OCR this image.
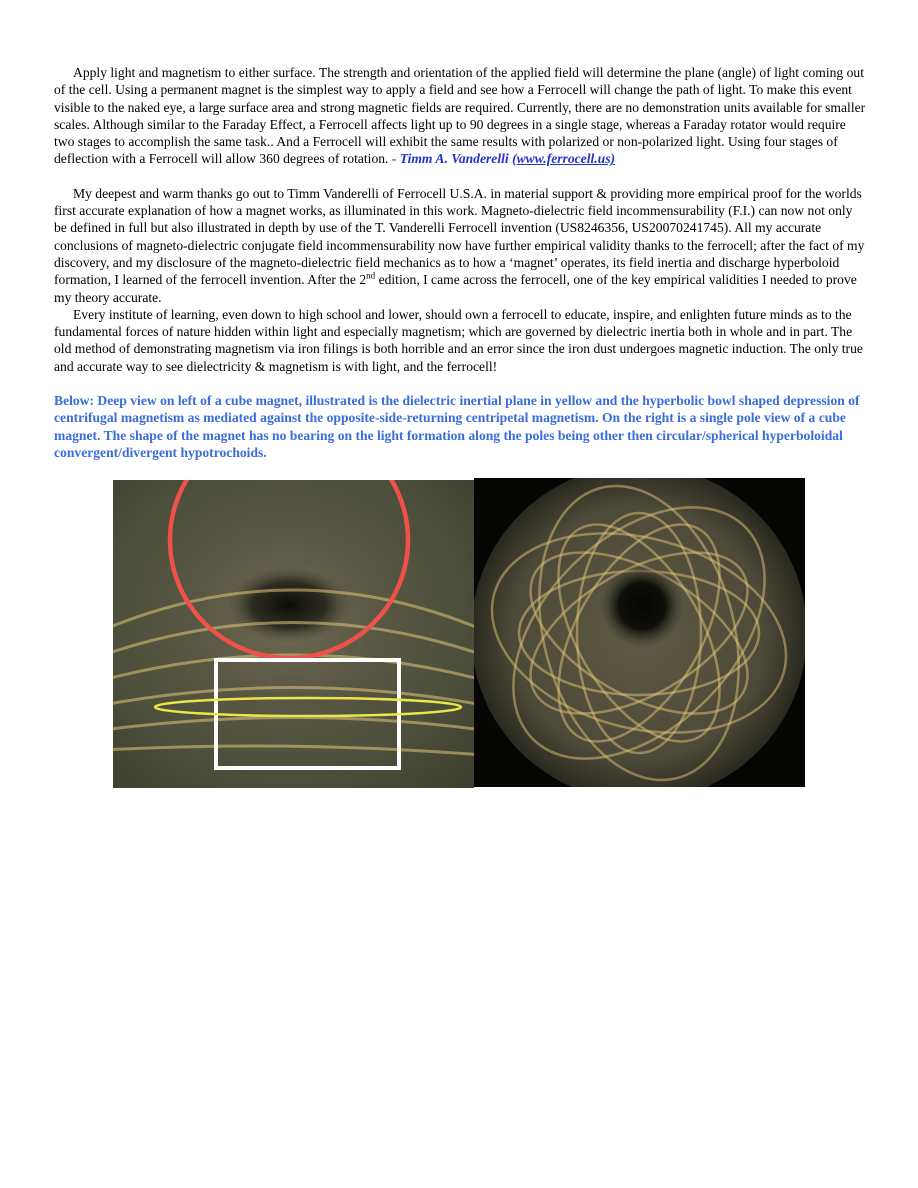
Apply light and magnetism to either surface. The strength and orientation of the applied field will determine the plane (angle) of light coming out of the cell. Using a permanent magnet is the simplest way to apply a field and see how a Ferrocell will change the path of light. To make this event visible to the naked eye, a large surface area and strong magnetic fields are required. Currently, there are no demonstration units available for smaller scales. Although similar to the Faraday Effect, a Ferrocell affects light up to 90 degrees in a single stage, whereas a Faraday rotator would require two stages to accomplish the same task.. And a Ferrocell will exhibit the same results with polarized or non-polarized light. Using four stages of deflection with a Ferrocell will allow 360 degrees of rotation. - Timm A. Vanderelli (www.ferrocell.us)

My deepest and warm thanks go out to Timm Vanderelli of Ferrocell U.S.A. in material support & providing more empirical proof for the worlds first accurate explanation of how a magnet works, as illuminated in this work. Magneto-dielectric field incommensurability (F.I.) can now not only be defined in full but also illustrated in depth by use of the T. Vanderelli Ferrocell invention (US8246356, US20070241745). All my accurate conclusions of magneto-dielectric conjugate field incommensurability now have further empirical validity thanks to the ferrocell; after the fact of my discovery, and my disclosure of the magneto-dielectric field mechanics as to how a ‘magnet’ operates, its field inertia and discharge hyperboloid formation, I learned of the ferrocell invention. After the 2nd edition, I came across the ferrocell, one of the key empirical validities I needed to prove my theory accurate.

Every institute of learning, even down to high school and lower, should own a ferrocell to educate, inspire, and enlighten future minds as to the fundamental forces of nature hidden within light and especially magnetism; which are governed by dielectric inertia both in whole and in part. The old method of demonstrating magnetism via iron filings is both horrible and an error since the iron dust undergoes magnetic induction. The only true and accurate way to see dielectricity & magnetism is with light, and the ferrocell!

Below: Deep view on left of a cube magnet, illustrated is the dielectric inertial plane in yellow and the hyperbolic bowl shaped depression of centrifugal magnetism as mediated against the opposite-side-returning centripetal magnetism. On the right is a single pole view of a cube magnet. The shape of the magnet has no bearing on the light formation along the poles being other then circular/spherical hyperboloidal convergent/divergent hypotrochoids.
